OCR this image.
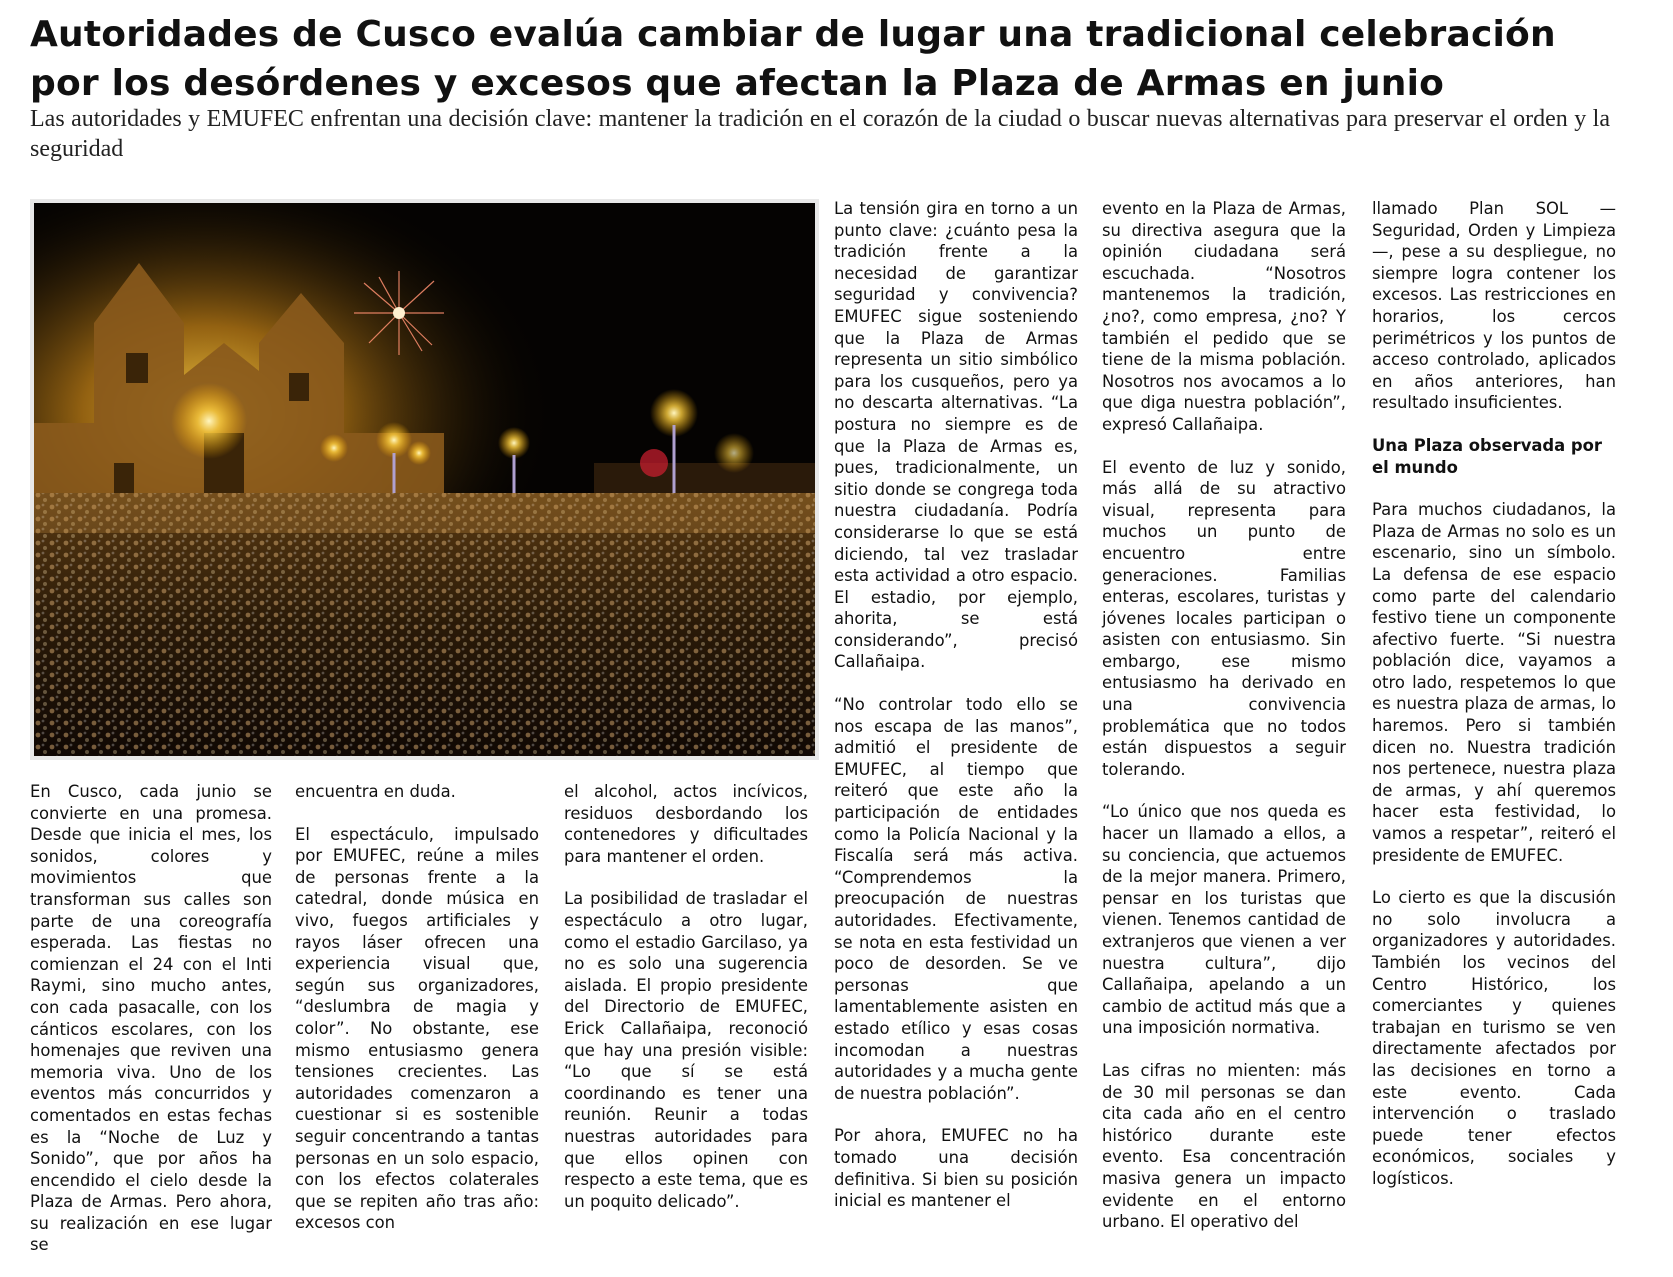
Autoridades de Cusco evalúa cambiar de lugar una tradicional celebración por los desórdenes y excesos que afectan la Plaza de Armas en junio

Las autoridades y EMUFEC enfrentan una decisión clave: mantener la tradición en el corazón de la ciudad o buscar nuevas alternativas para preservar el orden y la seguridad

En Cusco, cada junio se convierte en una promesa. Desde que inicia el mes, los sonidos, colores y movimientos que transforman sus calles son parte de una coreografía esperada. Las fiestas no comienzan el 24 con el Inti Raymi, sino mucho antes, con cada pasacalle, con los cánticos escolares, con los homenajes que reviven una memoria viva. Uno de los eventos más concurridos y comentados en estas fechas es la “Noche de Luz y Sonido”, que por años ha encendido el cielo desde la Plaza de Armas. Pero ahora, su realización en ese lugar se

encuentra en duda.

El espectáculo, impulsado por EMUFEC, reúne a miles de personas frente a la catedral, donde música en vivo, fuegos artificiales y rayos láser ofrecen una experiencia visual que, según sus organizadores, “deslumbra de magia y color”. No obstante, ese mismo entusiasmo genera tensiones crecientes. Las autoridades comenzaron a cuestionar si es sostenible seguir concentrando a tantas personas en un solo espacio, con los efectos colaterales que se repiten año tras año: excesos con

el alcohol, actos incívicos, residuos desbordando los contenedores y dificultades para mantener el orden.

La posibilidad de trasladar el espectáculo a otro lugar, como el estadio Garcilaso, ya no es solo una sugerencia aislada. El propio presidente del Directorio de EMUFEC, Erick Callañaipa, reconoció que hay una presión visible: “Lo que sí se está coordinando es tener una reunión. Reunir a todas nuestras autoridades para que ellos opinen con respecto a este tema, que es un poquito delicado”.

La tensión gira en torno a un punto clave: ¿cuánto pesa la tradición frente a la necesidad de garantizar seguridad y convivencia? EMUFEC sigue sosteniendo que la Plaza de Armas representa un sitio simbólico para los cusqueños, pero ya no descarta alternativas. “La postura no siempre es de que la Plaza de Armas es, pues, tradicionalmente, un sitio donde se congrega toda nuestra ciudadanía. Podría considerarse lo que se está diciendo, tal vez trasladar esta actividad a otro espacio. El estadio, por ejemplo, ahorita, se está considerando”, precisó Callañaipa.

“No controlar todo ello se nos escapa de las manos”, admitió el presidente de EMUFEC, al tiempo que reiteró que este año la participación de entidades como la Policía Nacional y la Fiscalía será más activa. “Comprendemos la preocupación de nuestras autoridades. Efectivamente, se nota en esta festividad un poco de desorden. Se ve personas que lamentablemente asisten en estado etílico y esas cosas incomodan a nuestras autoridades y a mucha gente de nuestra población”.

Por ahora, EMUFEC no ha tomado una decisión definitiva. Si bien su posición inicial es mantener el

evento en la Plaza de Armas, su directiva asegura que la opinión ciudadana será escuchada. “Nosotros mantenemos la tradición, ¿no?, como empresa, ¿no? Y también el pedido que se tiene de la misma población. Nosotros nos avocamos a lo que diga nuestra población”, expresó Callañaipa.

El evento de luz y sonido, más allá de su atractivo visual, representa para muchos un punto de encuentro entre generaciones. Familias enteras, escolares, turistas y jóvenes locales participan o asisten con entusiasmo. Sin embargo, ese mismo entusiasmo ha derivado en una convivencia problemática que no todos están dispuestos a seguir tolerando.

“Lo único que nos queda es hacer un llamado a ellos, a su conciencia, que actuemos de la mejor manera. Primero, pensar en los turistas que vienen. Tenemos cantidad de extranjeros que vienen a ver nuestra cultura”, dijo Callañaipa, apelando a un cambio de actitud más que a una imposición normativa.

Las cifras no mienten: más de 30 mil personas se dan cita cada año en el centro histórico durante este evento. Esa concentración masiva genera un impacto evidente en el entorno urbano. El operativo del

llamado Plan SOL —Seguridad, Orden y Limpieza—, pese a su despliegue, no siempre logra contener los excesos. Las restricciones en horarios, los cercos perimétricos y los puntos de acceso controlado, aplicados en años anteriores, han resultado insuficientes.

Una Plaza observada por el mundo

Para muchos ciudadanos, la Plaza de Armas no solo es un escenario, sino un símbolo. La defensa de ese espacio como parte del calendario festivo tiene un componente afectivo fuerte. “Si nuestra población dice, vayamos a otro lado, respetemos lo que es nuestra plaza de armas, lo haremos. Pero si también dicen no. Nuestra tradición nos pertenece, nuestra plaza de armas, y ahí queremos hacer esta festividad, lo vamos a respetar”, reiteró el presidente de EMUFEC.

Lo cierto es que la discusión no solo involucra a organizadores y autoridades. También los vecinos del Centro Histórico, los comerciantes y quienes trabajan en turismo se ven directamente afectados por las decisiones en torno a este evento. Cada intervención o traslado puede tener efectos económicos, sociales y logísticos.
